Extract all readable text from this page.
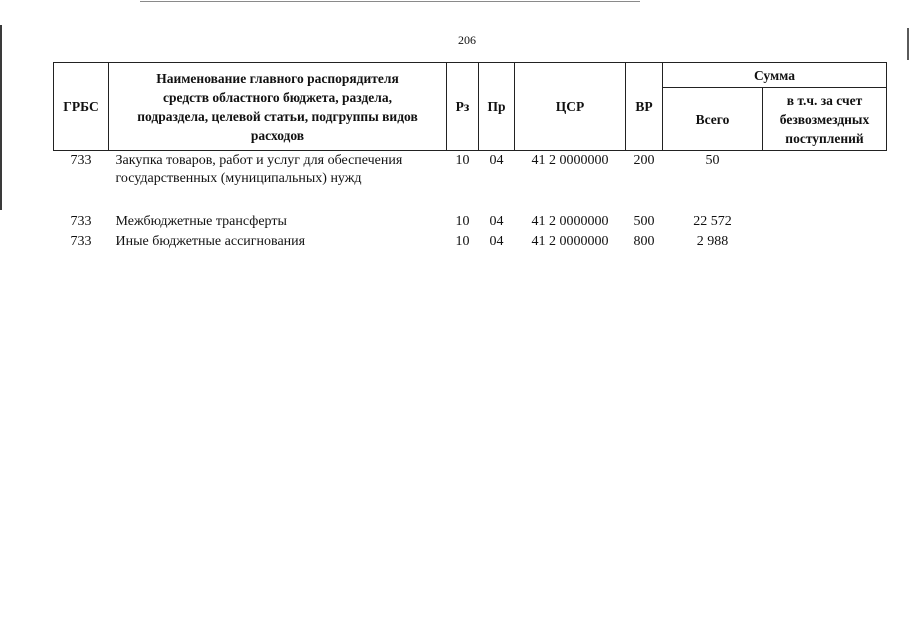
206
ГРБС	Наименование главного распорядителя
средств областного бюджета, раздела,
подраздела, целевой статьи, подгруппы видов
расходов	Рз	Пр	ЦСР	ВР	Сумма	
						Всего	в т.ч. за счет
безвозмездных
поступлений

733	Закупка товаров, работ и услуг для обеспечения
государственных (муниципальных) нужд	10	04	41 2 0000000	200	50	
733	Межбюджетные трансферты	10	04	41 2 0000000	500	22 572	
733	Иные бюджетные ассигнования	10	04	41 2 0000000	800	2 988	
